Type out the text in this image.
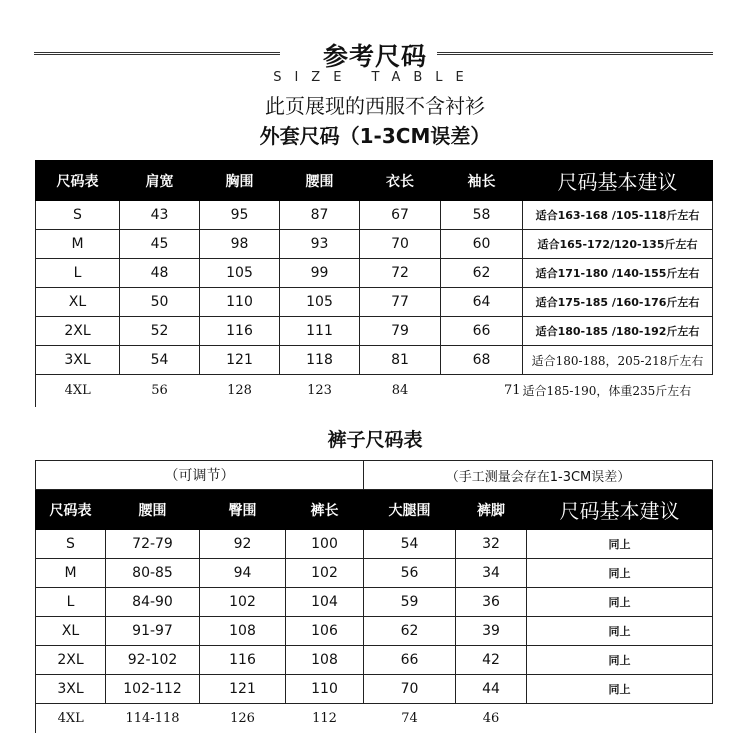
参考尺码
SIZE TABLE
此页展现的西服不含衬衫
外套尺码（1-3CM误差）
尺码表	肩宽	胸围	腰围	衣长	袖长	尺码基本建议
S	43	95	87	67	58	适合163-168 /105-118斤左右
M	45	98	93	70	60	适合165-172/120-135斤左右
L	48	105	99	72	62	适合171-180 /140-155斤左右
XL	50	110	105	77	64	适合175-185 /160-176斤左右
2XL	52	116	111	79	66	适合180-185 /180-192斤左右
3XL	54	121	118	81	68	适合180-188，205-218斤左右
4XL	56	128	123	84	71	适合185-190，体重235斤左右
裤子尺码表
（可调节）				（手工测量会存在1-3CM误差）		
尺码表	腰围	臀围	裤长	大腿围	裤脚	尺码基本建议
S	72-79	92	100	54	32	同上
M	80-85	94	102	56	34	同上
L	84-90	102	104	59	36	同上
XL	91-97	108	106	62	39	同上
2XL	92-102	116	108	66	42	同上
3XL	102-112	121	110	70	44	同上
4XL	114-118	126	112	74	46	
